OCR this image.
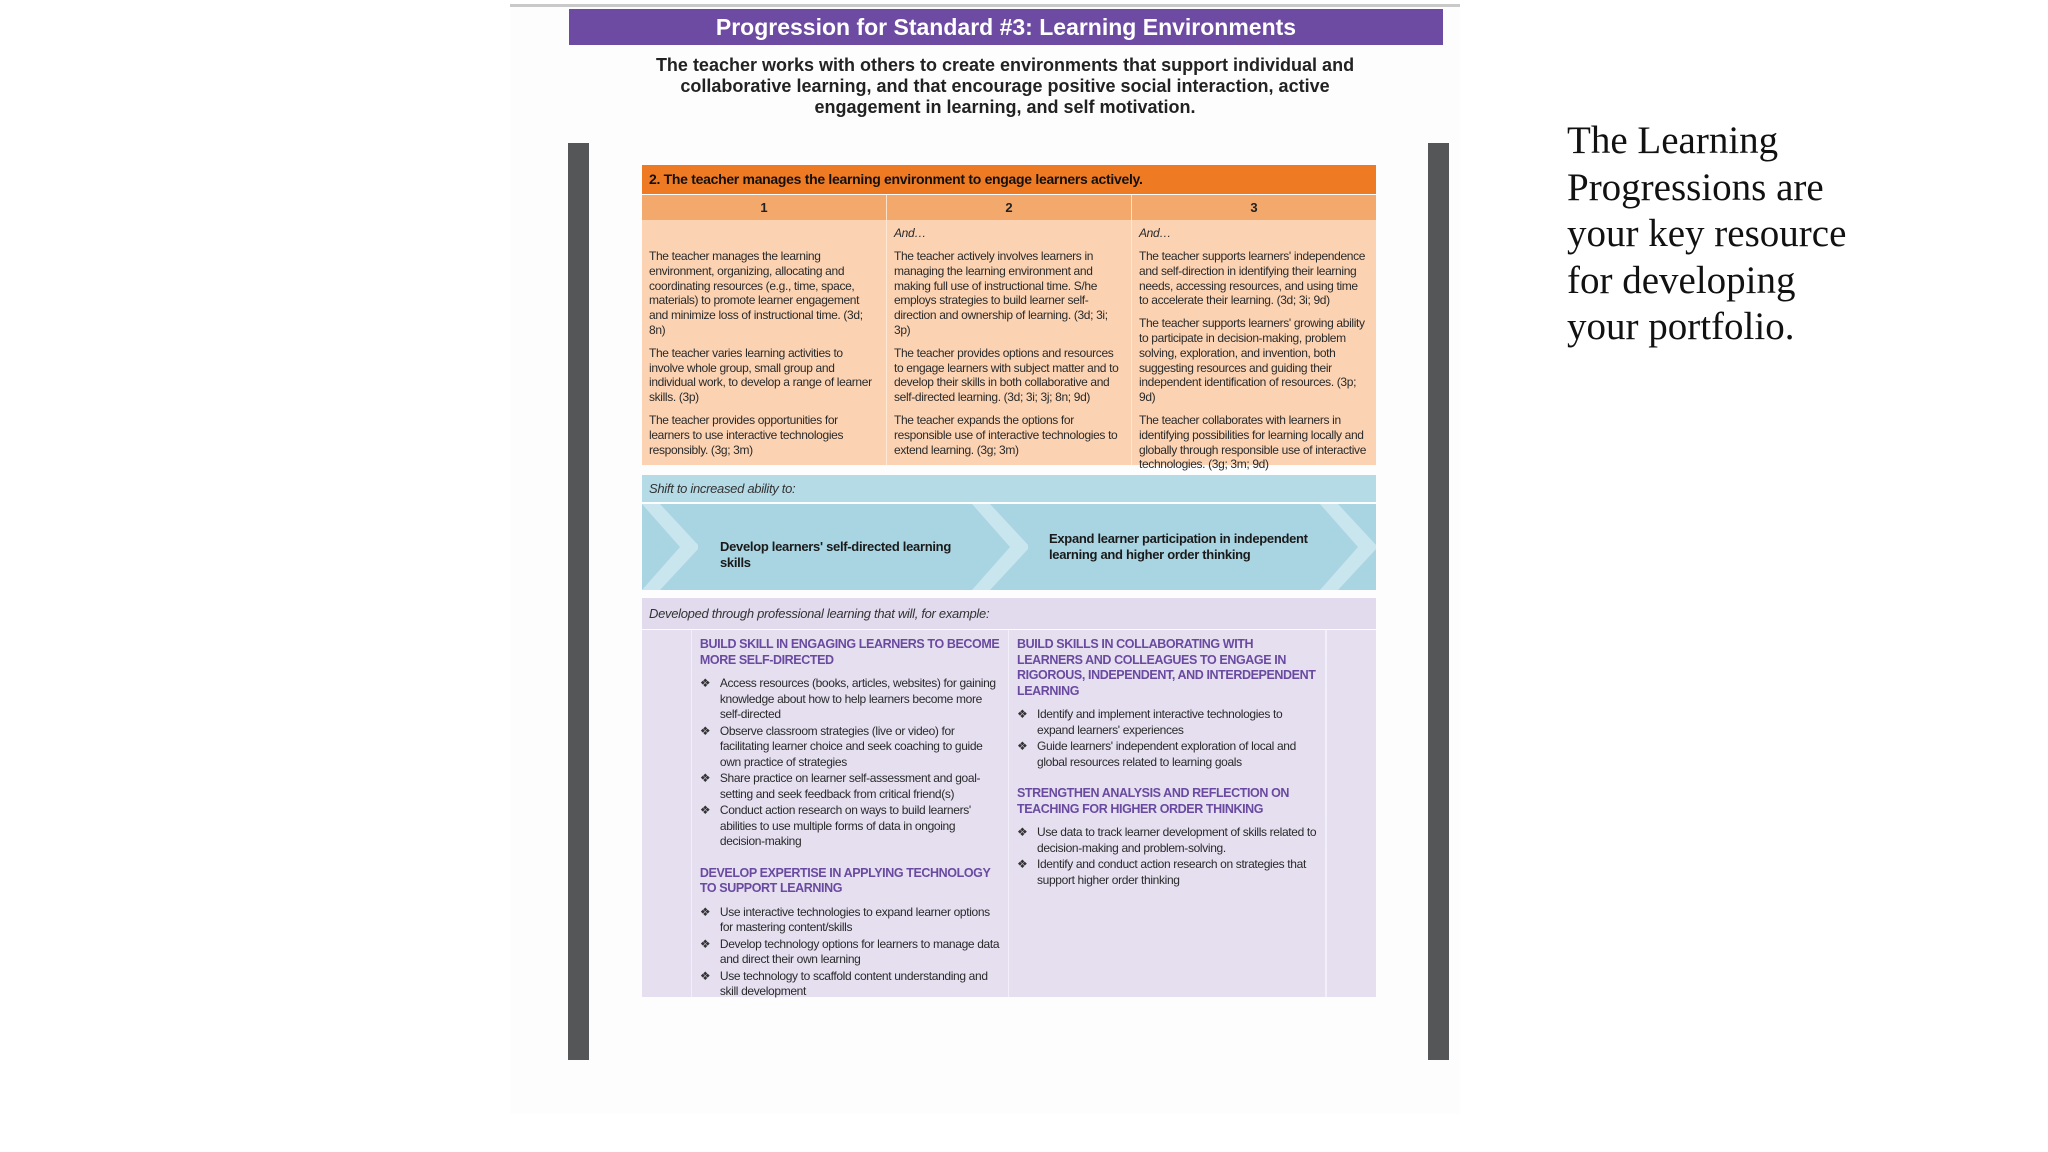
Progression for Standard #3: Learning Environments
The teacher works with others to create environments that support individual and collaborative learning, and that encourage positive social interaction, active engagement in learning, and self motivation.
2. The teacher manages the learning environment to engage learners actively.
1	2	3

The teacher manages the learning environment, organizing, allocating and coordinating resources (e.g., time, space, materials) to promote learner engagement and minimize loss of instructional time. (3d; 8n)

The teacher varies learning activities to involve whole group, small group and individual work, to develop a range of learner skills. (3p)

The teacher provides opportunities for learners to use interactive technologies responsibly. (3g; 3m)

And…

The teacher actively involves learners in managing the learning environment and making full use of instructional time. S/he employs strategies to build learner self-direction and ownership of learning. (3d; 3i; 3p)

The teacher provides options and resources to engage learners with subject matter and to develop their skills in both collaborative and self-directed learning. (3d; 3i; 3j; 8n; 9d)

The teacher expands the options for responsible use of interactive technologies to extend learning. (3g; 3m)

And…

The teacher supports learners' independence and self-direction in identifying their learning needs, accessing resources, and using time to accelerate their learning. (3d; 3i; 9d)

The teacher supports learners' growing ability to participate in decision-making, problem solving, exploration, and invention, both suggesting resources and guiding their independent identification of resources. (3p; 9d)

The teacher collaborates with learners in identifying possibilities for learning locally and globally through responsible use of interactive technologies. (3g; 3m; 9d)

Shift to increased ability to:
Develop learners' self-directed learning skills
Expand learner participation in independent learning and higher order thinking
Developed through professional learning that will, for example:
BUILD SKILL IN ENGAGING LEARNERS TO BECOME MORE SELF-DIRECTED
❖ Access resources (books, articles, websites) for gaining knowledge about how to help learners become more self-directed
❖ Observe classroom strategies (live or video) for facilitating learner choice and seek coaching to guide own practice of strategies
❖ Share practice on learner self-assessment and goal-setting and seek feedback from critical friend(s)
❖ Conduct action research on ways to build learners' abilities to use multiple forms of data in ongoing decision-making
DEVELOP EXPERTISE IN APPLYING TECHNOLOGY TO SUPPORT LEARNING
❖ Use interactive technologies to expand learner options for mastering content/skills
❖ Develop technology options for learners to manage data and direct their own learning
❖ Use technology to scaffold content understanding and skill development
BUILD SKILLS IN COLLABORATING WITH LEARNERS AND COLLEAGUES TO ENGAGE IN RIGOROUS, INDEPENDENT, AND INTERDEPENDENT LEARNING
❖ Identify and implement interactive technologies to expand learners' experiences
❖ Guide learners' independent exploration of local and global resources related to learning goals
STRENGTHEN ANALYSIS AND REFLECTION ON TEACHING FOR HIGHER ORDER THINKING
❖ Use data to track learner development of skills related to decision-making and problem-solving.
❖ Identify and conduct action research on strategies that support higher order thinking
The Learning Progressions are your key resource for developing your portfolio.
